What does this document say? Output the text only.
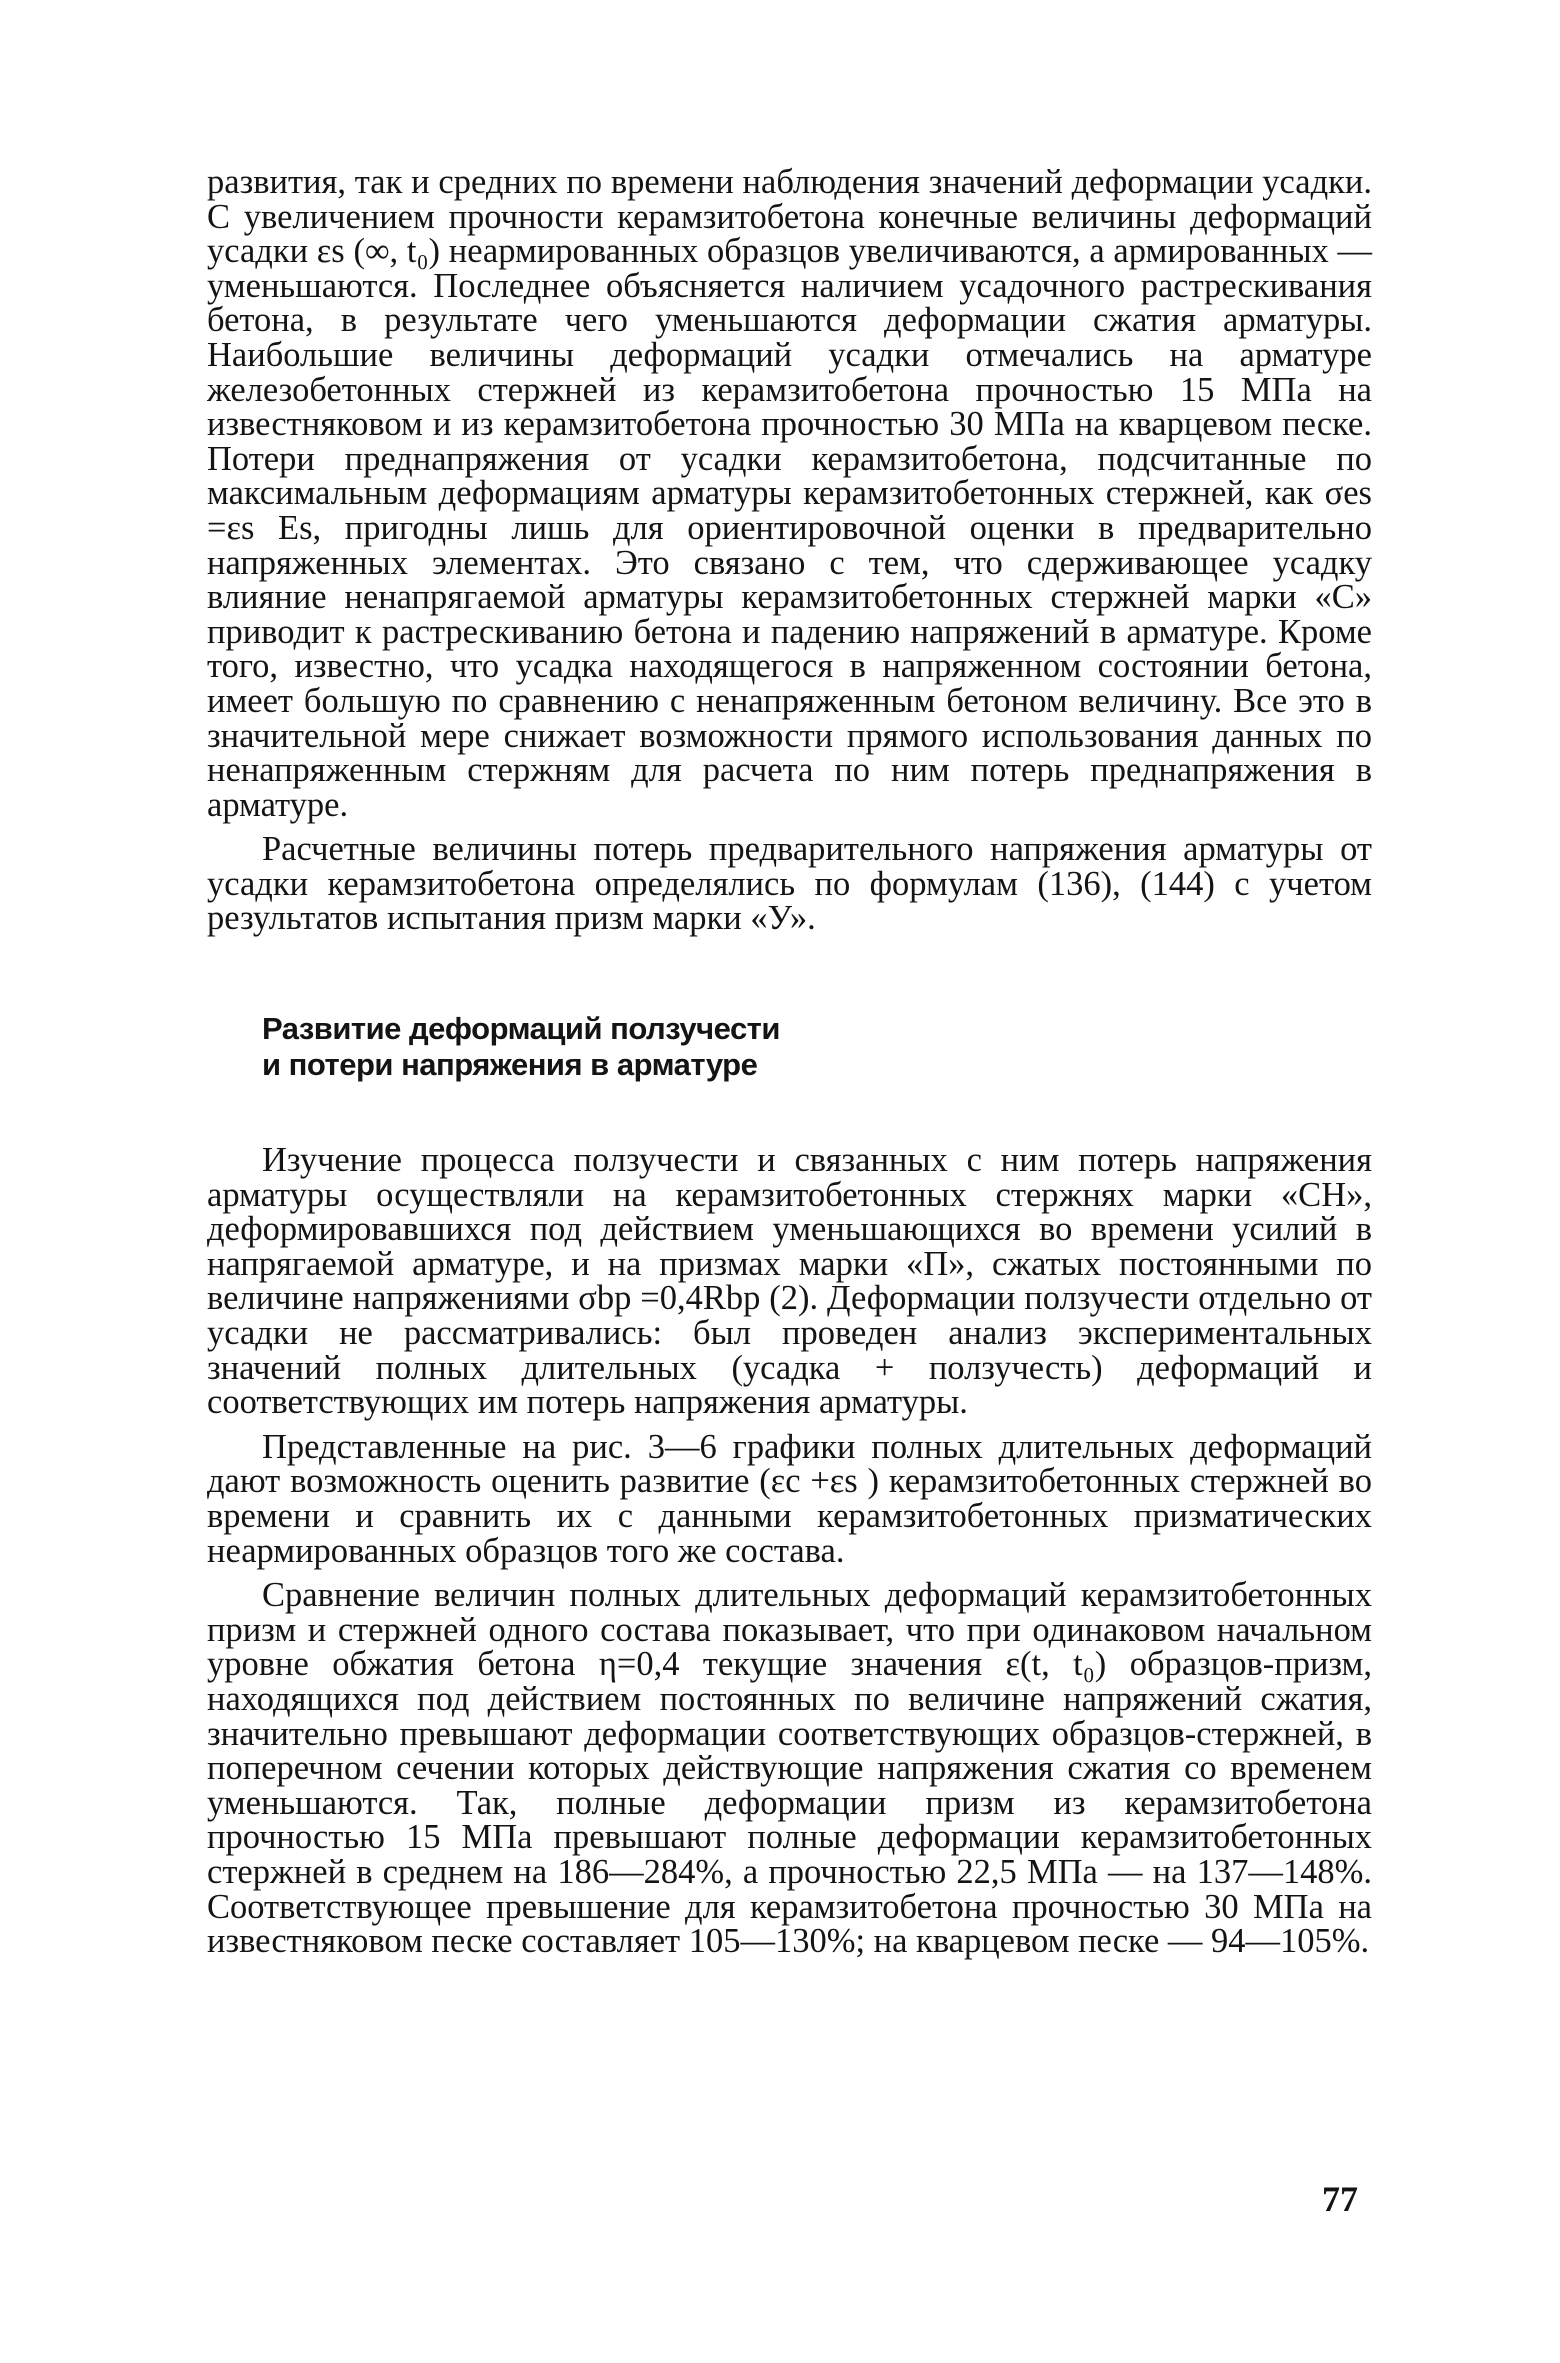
развития, так и средних по времени наблюдения значений деформации усадки. С увеличением прочности керамзитобетона конечные величины деформаций усадки εs (∞, t₀) неармированных образцов увеличиваются, а армированных — уменьшаются. Последнее объясняется наличием усадочного растрескивания бетона, в результате чего уменьшаются деформации сжатия арматуры. Наибольшие величины деформаций усадки отмечались на арматуре железобетонных стержней из керамзитобетона прочностью 15 МПа на известняковом и из керамзитобетона прочностью 30 МПа на кварцевом песке. Потери преднапряжения от усадки керамзитобетона, подсчитанные по максимальным деформациям арматуры керамзитобетонных стержней, как σes =εs Es, пригодны лишь для ориентировочной оценки в предварительно напряженных элементах. Это связано с тем, что сдерживающее усадку влияние ненапрягаемой арматуры керамзитобетонных стержней марки «С» приводит к растрескиванию бетона и падению напряжений в арматуре. Кроме того, известно, что усадка находящегося в напряженном состоянии бетона, имеет большую по сравнению с ненапряженным бетоном величину. Все это в значительной мере снижает возможности прямого использования данных по ненапряженным стержням для расчета по ним потерь преднапряжения в арматуре.

Расчетные величины потерь предварительного напряжения арматуры от усадки керамзитобетона определялись по формулам (136), (144) с учетом результатов испытания призм марки «У».

Развитие деформаций ползучести
и потери напряжения в арматуре

Изучение процесса ползучести и связанных с ним потерь напряжения арматуры осуществляли на керамзитобетонных стержнях марки «СН», деформировавшихся под действием уменьшающихся во времени усилий в напрягаемой арматуре, и на призмах марки «П», сжатых постоянными по величине напряжениями σbp =0,4Rbp (2). Деформации ползучести отдельно от усадки не рассматривались: был проведен анализ экспериментальных значений полных длительных (усадка + ползучесть) деформаций и соответствующих им потерь напряжения арматуры.

Представленные на рис. 3—6 графики полных длительных деформаций дают возможность оценить развитие (εc +εs ) керамзитобетонных стержней во времени и сравнить их с данными керамзитобетонных призматических неармированных образцов того же состава.

Сравнение величин полных длительных деформаций керамзитобетонных призм и стержней одного состава показывает, что при одинаковом начальном уровне обжатия бетона η=0,4 текущие значения ε(t, t₀) образцов-призм, находящихся под действием постоянных по величине напряжений сжатия, значительно превышают деформации соответствующих образцов-стержней, в поперечном сечении которых действующие напряжения сжатия со временем уменьшаются. Так, полные деформации призм из керамзитобетона прочностью 15 МПа превышают полные деформации керамзитобетонных стержней в среднем на 186—284%, а прочностью 22,5 МПа — на 137—148%. Соответствующее превышение для керамзитобетона прочностью 30 МПа на известняковом песке составляет 105—130%; на кварцевом песке — 94—105%.

77
